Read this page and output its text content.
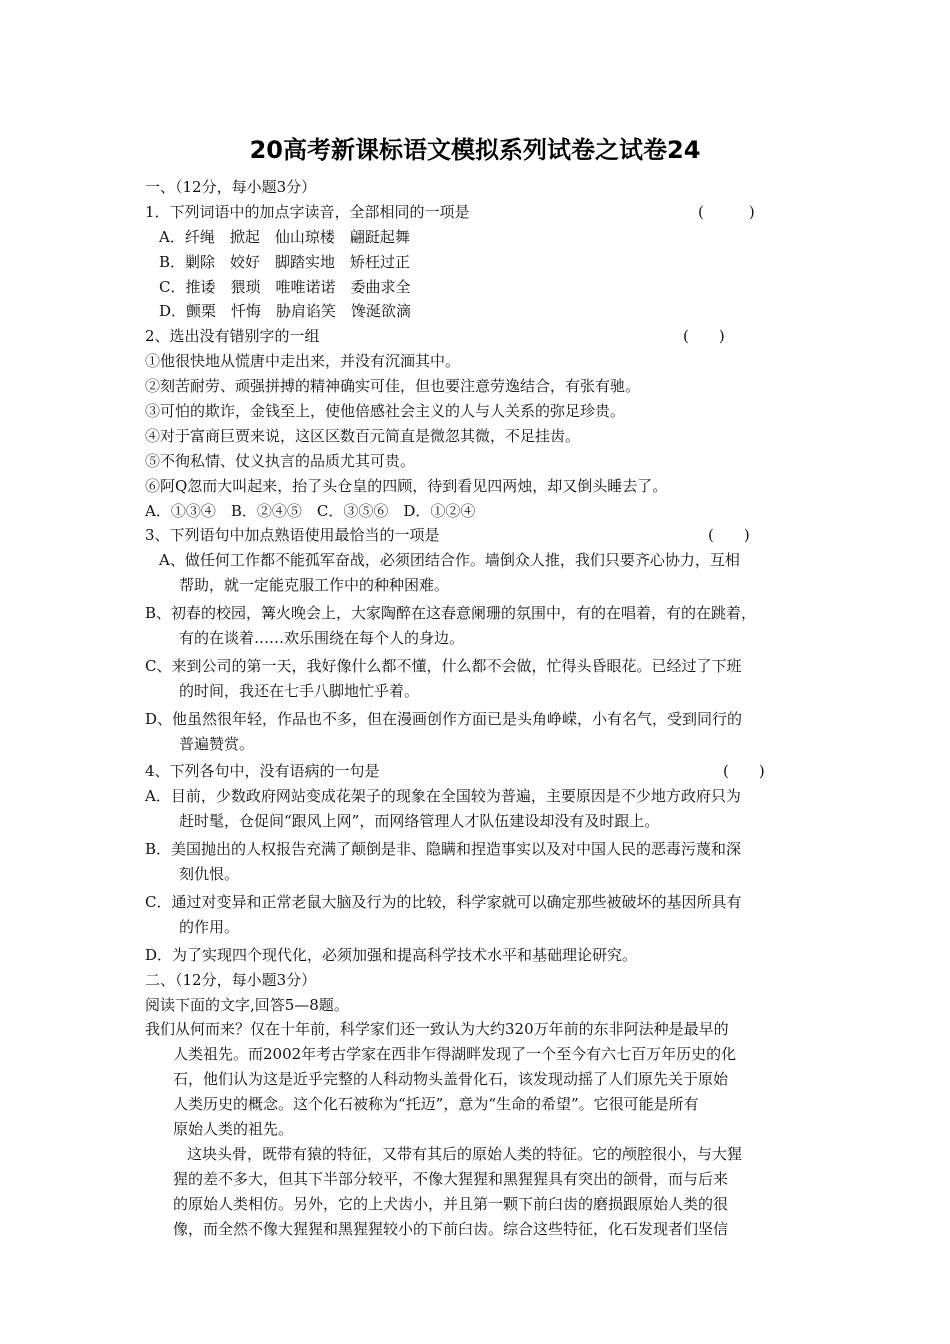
20高考新课标语文模拟系列试卷之试卷24
一、（12分，每小题3分）
1．下列词语中的加点字读音，全部相同的一项是	(　　　)
A．纤绳　掀起　仙山琼楼　翩跹起舞
B．剿除　姣好　脚踏实地　矫枉过正
C．推诿　猥琐　唯唯诺诺　委曲求全
D．颤栗　忏悔　胁肩谄笑　馋涎欲滴
2、选出没有错别字的一组	(　　)
①他很快地从慌唐中走出来，并没有沉湎其中。
②刻苦耐劳、顽强拼搏的精神确实可佳，但也要注意劳逸结合，有张有驰。
③可怕的欺诈，金钱至上，使他倍感社会主义的人与人关系的弥足珍贵。
④对于富商巨贾来说，这区区数百元简直是微忽其微，不足挂齿。
⑤不徇私情、仗义执言的品质尤其可贵。
⑥阿Q忽而大叫起来，抬了头仓皇的四顾，待到看见四两烛，却又倒头睡去了。
A．①③④　B．②④⑤　C．③⑤⑥　D．①②④
3、下列语句中加点熟语使用最恰当的一项是	(　　)
A、做任何工作都不能孤军奋战，必须团结合作。墙倒众人推，我们只要齐心协力，互相
帮助，就一定能克服工作中的种种困难。
B、初春的校园，篝火晚会上，大家陶醉在这春意阑珊的氛围中，有的在唱着，有的在跳着，
有的在谈着……欢乐围绕在每个人的身边。
C、来到公司的第一天，我好像什么都不懂，什么都不会做，忙得头昏眼花。已经过了下班
的时间，我还在七手八脚地忙乎着。
D、他虽然很年轻，作品也不多，但在漫画创作方面已是头角峥嵘，小有名气，受到同行的
普遍赞赏。
4、下列各句中，没有语病的一句是	(　　)
A．目前，少数政府网站变成花架子的现象在全国较为普遍，主要原因是不少地方政府只为
赶时髦，仓促间“跟风上网”，而网络管理人才队伍建设却没有及时跟上。
B．美国抛出的人权报告充满了颠倒是非、隐瞒和捏造事实以及对中国人民的恶毒污蔑和深
刻仇恨。
C．通过对变异和正常老鼠大脑及行为的比较，科学家就可以确定那些被破坏的基因所具有
的作用。
D．为了实现四个现代化，必须加强和提高科学技术水平和基础理论研究。
二、（12分，每小题3分）
阅读下面的文字,回答5—8题。
我们从何而来？仅在十年前，科学家们还一致认为大约320万年前的东非阿法种是最早的
人类祖先。而2002年考古学家在西非乍得湖畔发现了一个至今有六七百万年历史的化
石，他们认为这是近乎完整的人科动物头盖骨化石，该发现动摇了人们原先关于原始
人类历史的概念。这个化石被称为“托迈”，意为“生命的希望”。它很可能是所有
原始人类的祖先。
这块头骨，既带有猿的特征，又带有其后的原始人类的特征。它的颅腔很小，与大猩
猩的差不多大，但其下半部分较平，不像大猩猩和黑猩猩具有突出的颌骨，而与后来
的原始人类相仿。另外，它的上犬齿小，并且第一颗下前臼齿的磨损跟原始人类的很
像，而全然不像大猩猩和黑猩猩较小的下前臼齿。综合这些特征，化石发现者们坚信
